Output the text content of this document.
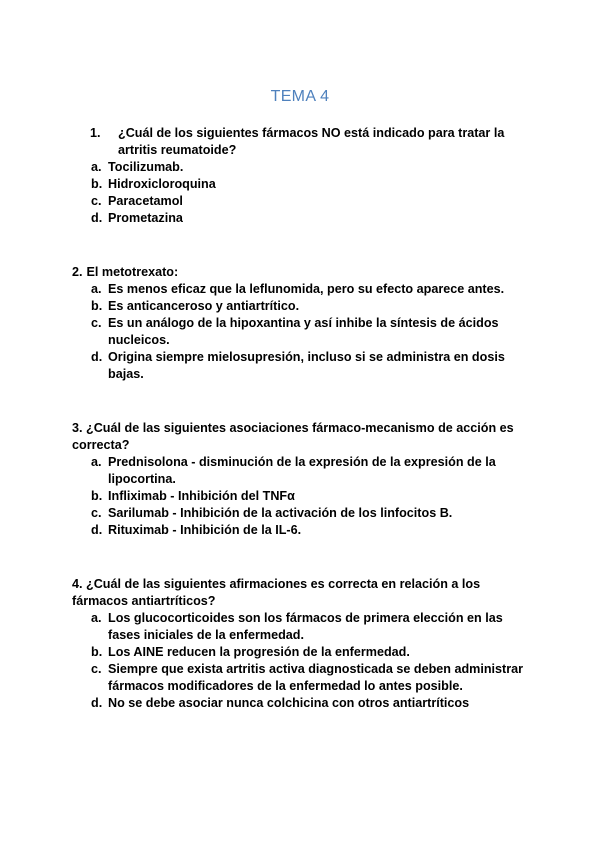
TEMA 4
1.	¿Cuál de los siguientes fármacos NO está indicado para tratar la artritis reumatoide?
a. Tocilizumab.
b. Hidroxicloroquina
c. Paracetamol
d. Prometazina
2. El metotrexato:
a. Es menos eficaz que la leflunomida, pero su efecto aparece antes.
b. Es anticanceroso y antiartrítico.
c. Es un análogo de la hipoxantina y así inhibe la síntesis de ácidos nucleicos.
d. Origina siempre mielosupresión, incluso si se administra en dosis bajas.
3. ¿Cuál de las siguientes asociaciones fármaco-mecanismo de acción es correcta?
a. Prednisolona - disminución de la expresión de la expresión de la lipocortina.
b. Infliximab - Inhibición del TNFα
c. Sarilumab - Inhibición de la activación de los linfocitos B.
d. Rituximab - Inhibición de la IL-6.
4. ¿Cuál de las siguientes afirmaciones es correcta en relación a los fármacos antiartríticos?
a. Los glucocorticoides son los fármacos de primera elección en las fases iniciales de la enfermedad.
b. Los AINE reducen la progresión de la enfermedad.
c. Siempre que exista artritis activa diagnosticada se deben administrar fármacos modificadores de la enfermedad lo antes posible.
d. No se debe asociar nunca colchicina con otros antiartríticos
